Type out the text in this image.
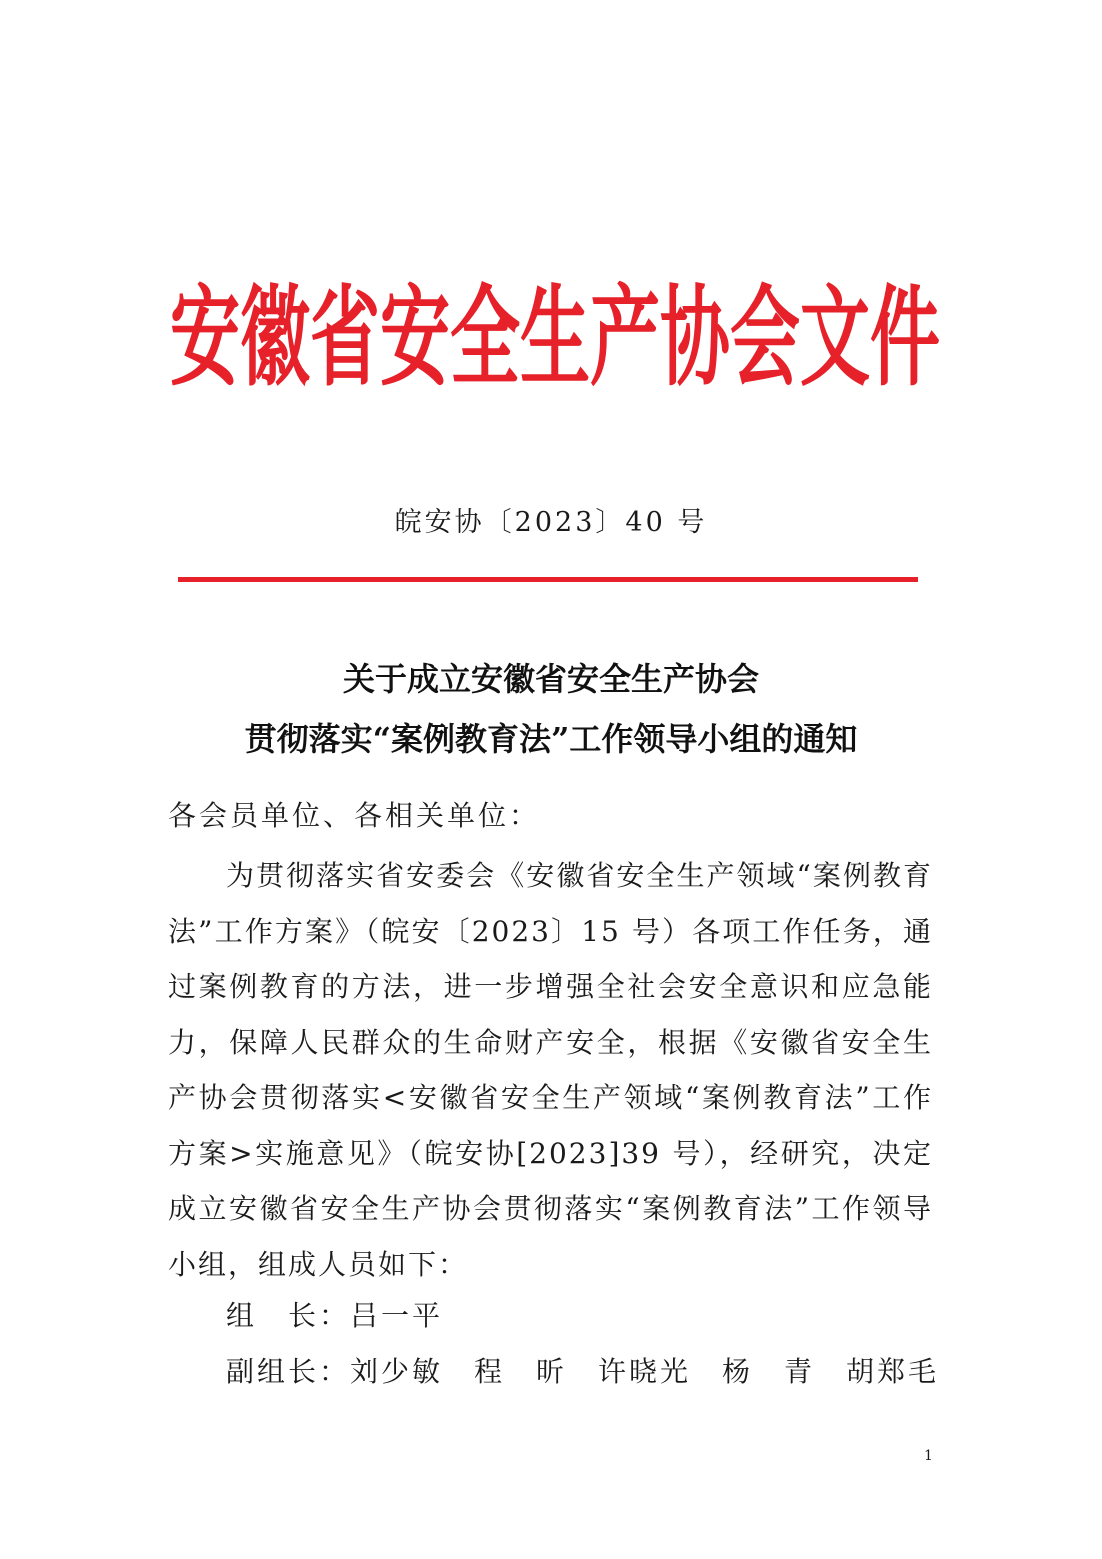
安徽省安全生产协会文件
皖安协〔2023〕40 号
关于成立安徽省安全生产协会
贯彻落实“案例教育法”工作领导小组的通知
各会员单位、各相关单位：

为贯彻落实省安委会《安徽省安全生产领域“案例教育法”工作方案》（皖安〔2023〕15 号）各项工作任务，通过案例教育的方法，进一步增强全社会安全意识和应急能力，保障人民群众的生命财产安全，根据《安徽省安全生产协会贯彻落实<安徽省安全生产领域“案例教育法”工作方案>实施意见》（皖安协[2023]39 号），经研究，决定成立安徽省安全生产协会贯彻落实“案例教育法”工作领导小组，组成人员如下：

组　长：吕一平
副组长：刘少敏　程　昕　许晓光　杨　青　胡郑毛
1
